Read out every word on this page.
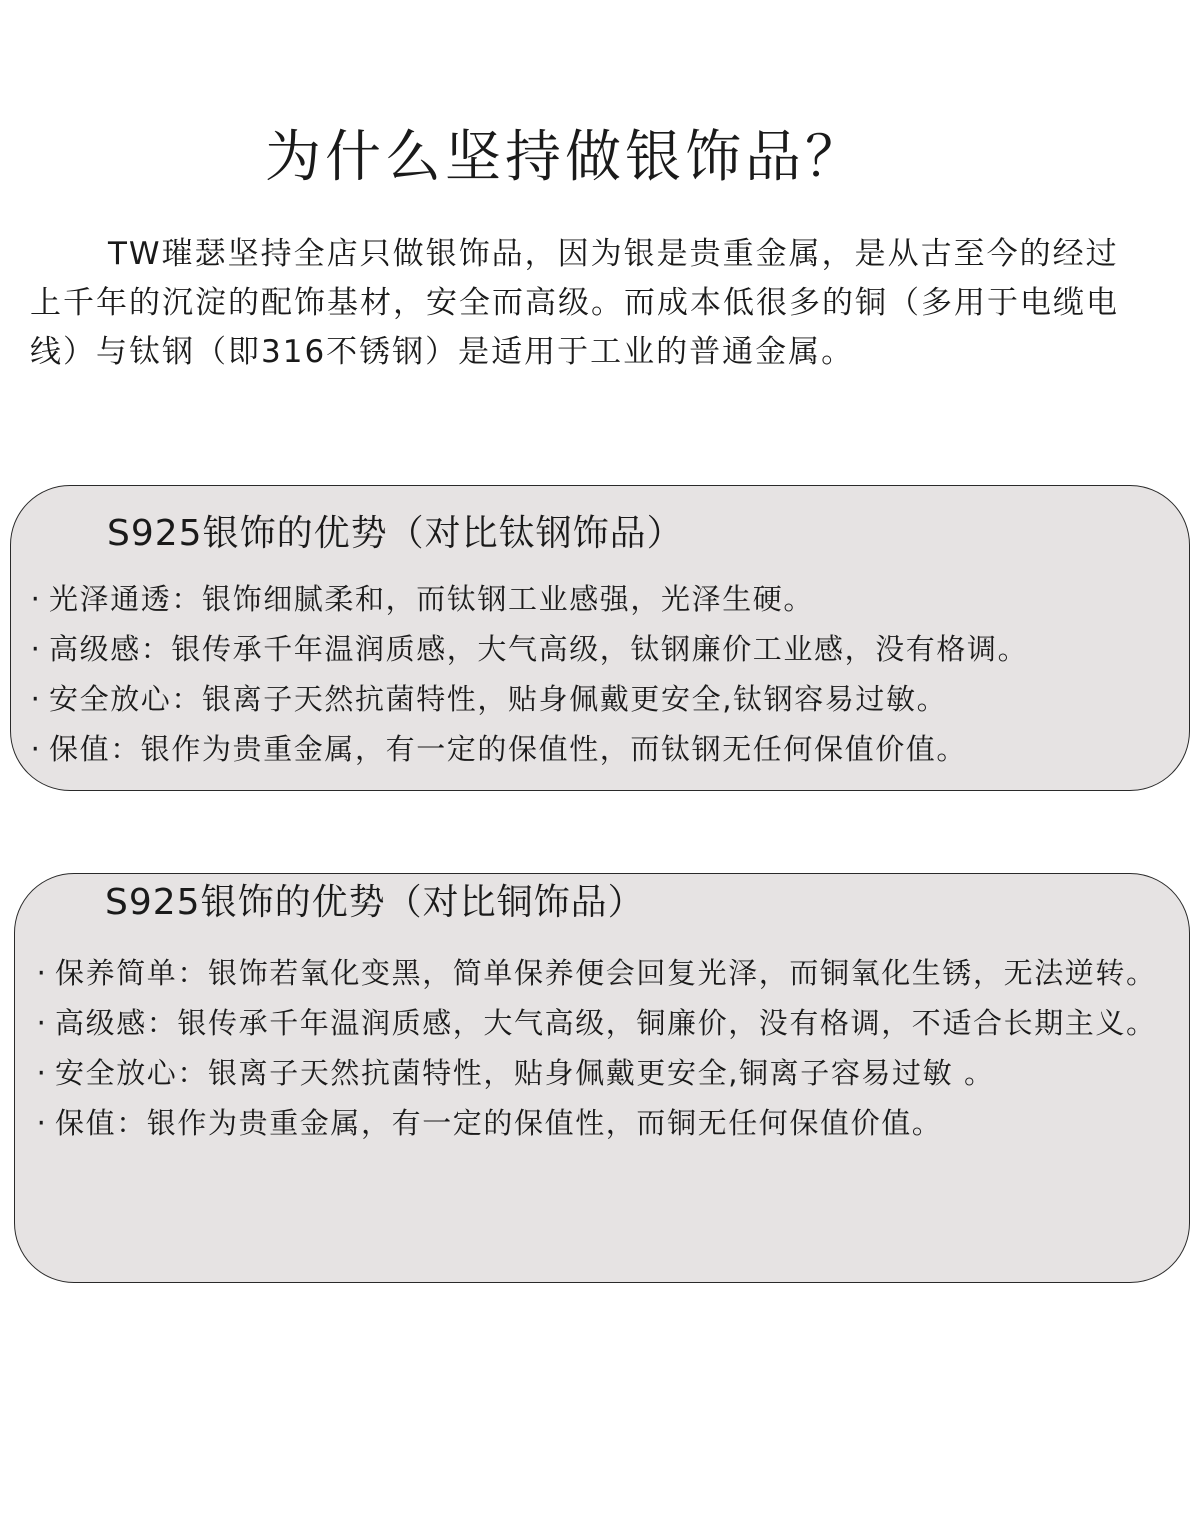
为什么坚持做银饰品？

TW璀瑟坚持全店只做银饰品，因为银是贵重金属，是从古至今的经过上千年的沉淀的配饰基材，安全而高级。而成本低很多的铜（多用于电缆电线）与钛钢（即316不锈钢）是适用于工业的普通金属。

S925银饰的优势（对比钛钢饰品）
· 光泽通透：银饰细腻柔和，而钛钢工业感强，光泽生硬。
· 高级感：银传承千年温润质感，大气高级，钛钢廉价工业感，没有格调。
· 安全放心：银离子天然抗菌特性，贴身佩戴更安全,钛钢容易过敏。
· 保值：银作为贵重金属，有一定的保值性，而钛钢无任何保值价值。
S925银饰的优势（对比铜饰品）
· 保养简单：银饰若氧化变黑，简单保养便会回复光泽，而铜氧化生锈，无法逆转。
· 高级感：银传承千年温润质感，大气高级，铜廉价，没有格调，不适合长期主义。
· 安全放心：银离子天然抗菌特性，贴身佩戴更安全,铜离子容易过敏 。
· 保值：银作为贵重金属，有一定的保值性，而铜无任何保值价值。
